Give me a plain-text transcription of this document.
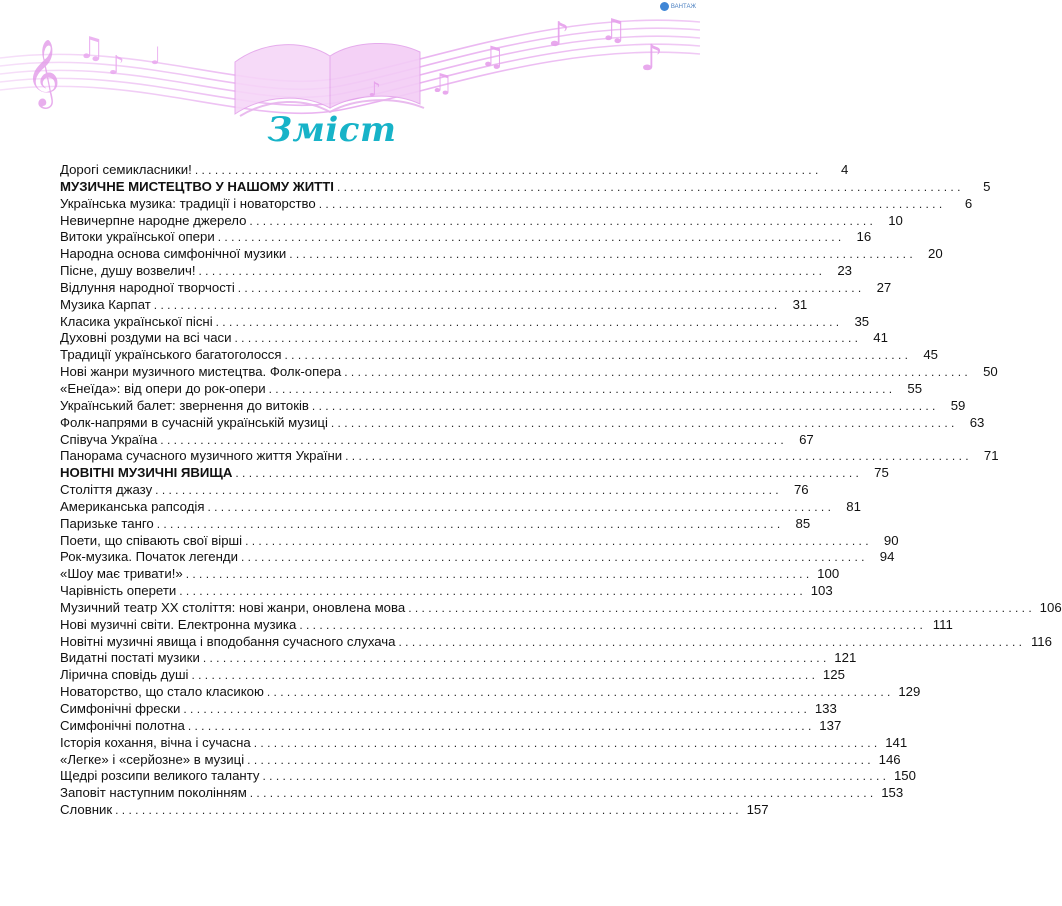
𝄞 ♫ ♪ ♩
♪ ♫
♫
♪ ♫
♪
ВАНТАЖ
Зміст
Дорогі семикласники! . . .	4
МУЗИЧНЕ МИСТЕЦТВО У НАШОМУ ЖИТТІ . . .	5
Українська музика: традиції і новаторство . . .	6
Невичерпне народне джерело . . .	10
Витоки української опери . . .	16
Народна основа симфонічної музики . . .	20
Пісне, душу возвелич! . . .	23
Відлуння народної творчості . . .	27
Музика Карпат . . .	31
Класика української пісні . . .	35
Духовні роздуми на всі часи . . .	41
Традиції українського багатоголосся . . .	45
Нові жанри музичного мистецтва. Фолк-опера . . .	50
«Енеїда»: від опери до рок-опери . . .	55
Український балет: звернення до витоків . . .	59
Фолк-напрями в сучасній українській музиці . . .	63
Співуча Україна . . .	67
Панорама сучасного музичного життя України . . .	71
НОВІТНІ МУЗИЧНІ ЯВИЩА . . .	75
Століття джазу . . .	76
Американська рапсодія . . .	81
Паризьке танго . . .	85
Поети, що співають свої вірші . . .	90
Рок-музика. Початок легенди . . .	94
«Шоу має тривати!» . . .	100
Чарівність оперети . . .	103
Музичний театр ХХ століття: нові жанри, оновлена мова . . .	106
Нові музичні світи. Електронна музика . . .	111
Новітні музичні явища і вподобання сучасного слухача . . .	116
Видатні постаті музики . . .	121
Лірична сповідь душі . . .	125
Новаторство, що стало класикою . . .	129
Симфонічні фрески . . .	133
Симфонічні полотна . . .	137
Історія кохання, вічна і сучасна . . .	141
«Легке» і «серйозне» в музиці . . .	146
Щедрі розсипи великого таланту . . .	150
Заповіт наступним поколінням . . .	153
Словник . . .	157
